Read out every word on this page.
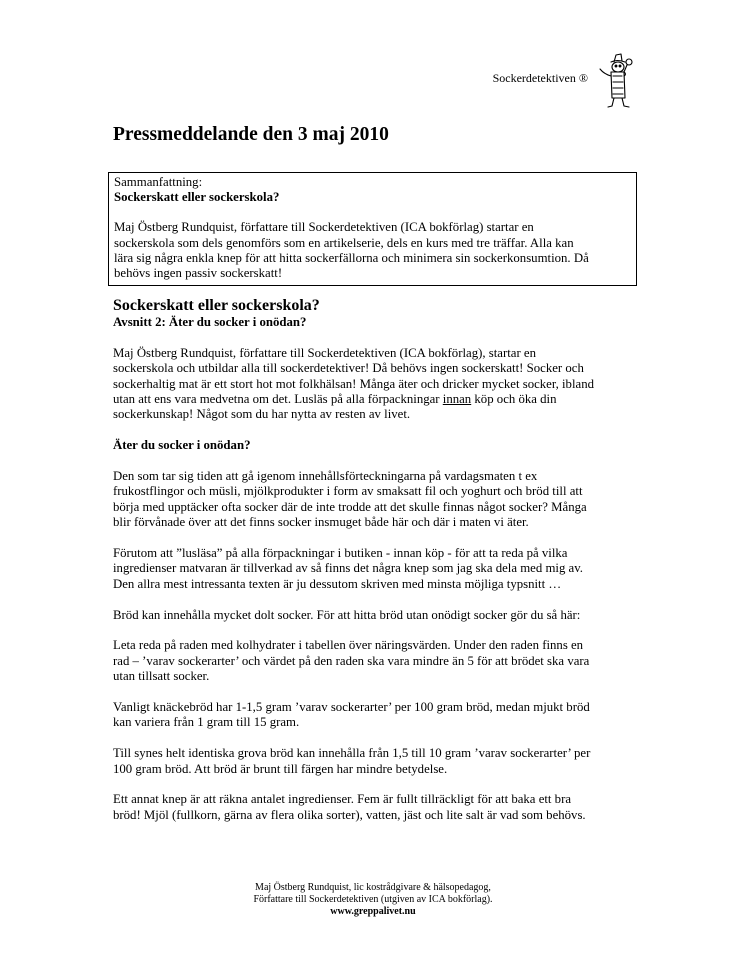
Sockerdetektiven ®
Pressmeddelande den 3 maj 2010

Sammanfattning:

Sockerskatt eller sockerskola?

Maj Östberg Rundquist, författare till Sockerdetektiven (ICA bokförlag) startar en

sockerskola som dels genomförs som en artikelserie, dels en kurs med tre träffar. Alla kan

lära sig några enkla knep för att hitta sockerfällorna och minimera sin sockerkonsumtion. Då

behövs ingen passiv sockerskatt!

Sockerskatt eller sockerskola?

Avsnitt 2: Äter du socker i onödan?

Maj Östberg Rundquist, författare till Sockerdetektiven (ICA bokförlag), startar en
sockerskola och utbildar alla till sockerdetektiver! Då behövs ingen sockerskatt! Socker och
sockerhaltig mat är ett stort hot mot folkhälsan! Många äter och dricker mycket socker, ibland
utan att ens vara medvetna om det. Lusläs på alla förpackningar innan köp och öka din
sockerkunskap! Något som du har nytta av resten av livet.

Äter du socker i onödan?

Den som tar sig tiden att gå igenom innehållsförteckningarna på vardagsmaten t ex
frukostflingor och müsli, mjölkprodukter i form av smaksatt fil och yoghurt och bröd till att
börja med upptäcker ofta socker där de inte trodde att det skulle finnas något socker? Många
blir förvånade över att det finns socker insmuget både här och där i maten vi äter.

Förutom att ”lusläsa” på alla förpackningar i butiken - innan köp - för att ta reda på vilka
ingredienser matvaran är tillverkad av så finns det några knep som jag ska dela med mig av.
Den allra mest intressanta texten är ju dessutom skriven med minsta möjliga typsnitt …

Bröd kan innehålla mycket dolt socker. För att hitta bröd utan onödigt socker gör du så här:

Leta reda på raden med kolhydrater i tabellen över näringsvärden. Under den raden finns en
rad – ’varav sockerarter’ och värdet på den raden ska vara mindre än 5 för att brödet ska vara
utan tillsatt socker.

Vanligt knäckebröd har 1-1,5 gram ’varav sockerarter’ per 100 gram bröd, medan mjukt bröd
kan variera från 1 gram till 15 gram.

Till synes helt identiska grova bröd kan innehålla från 1,5 till 10 gram ’varav sockerarter’ per
100 gram bröd. Att bröd är brunt till färgen har mindre betydelse.

Ett annat knep är att räkna antalet ingredienser. Fem är fullt tillräckligt för att baka ett bra
bröd! Mjöl (fullkorn, gärna av flera olika sorter), vatten, jäst och lite salt är vad som behövs.

Maj Östberg Rundquist, lic kostrådgivare & hälsopedagog,
Författare till Sockerdetektiven (utgiven av ICA bokförlag).
www.greppalivet.nu
